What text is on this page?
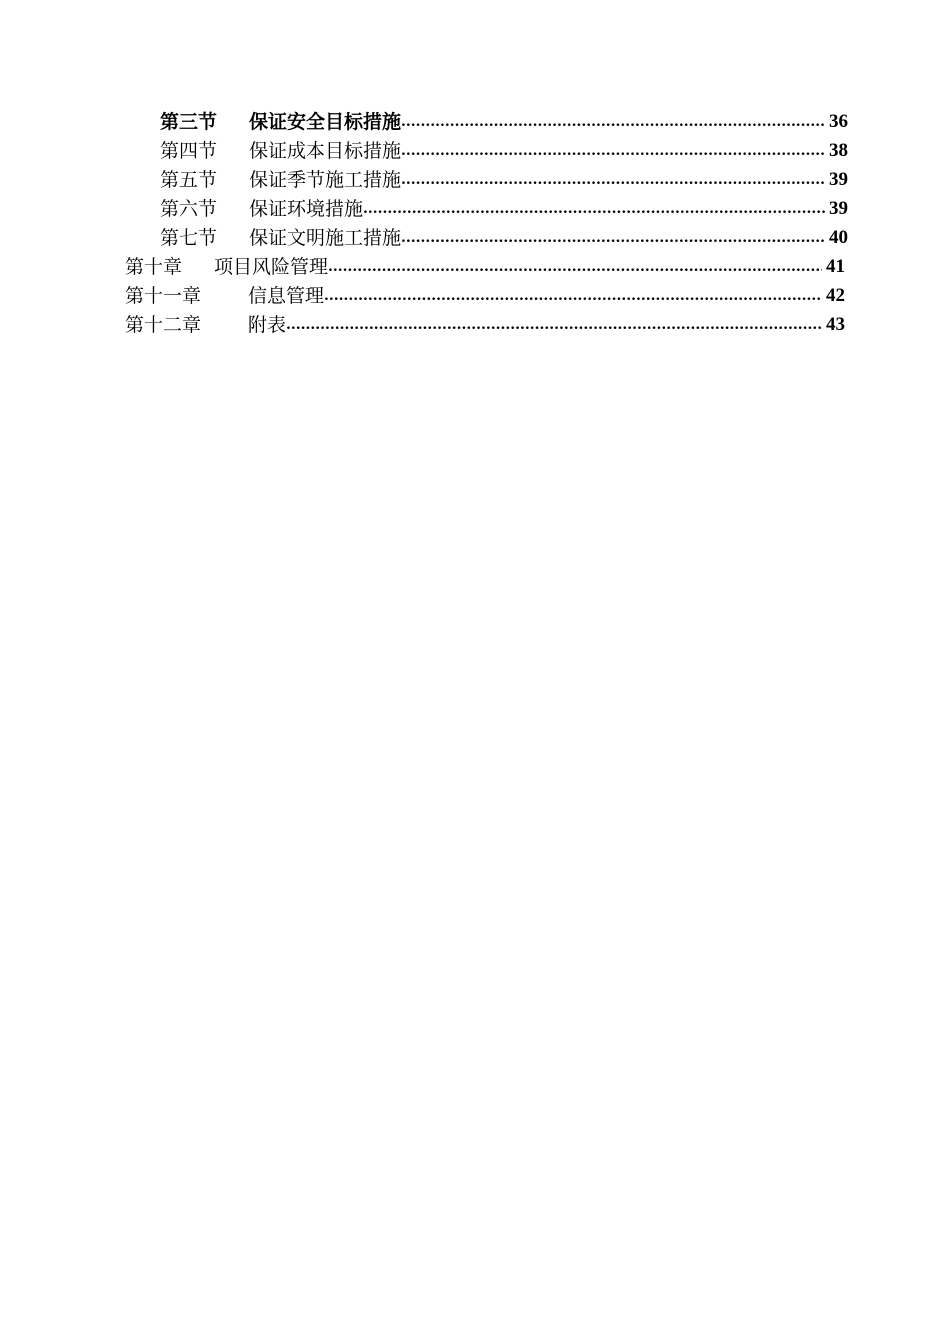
第三节 保证安全目标措施 .....	36
第四节 保证成本目标措施 .....	38
第五节 保证季节施工措施 .....	39
第六节 保证环境措施 .....	39
第七节 保证文明施工措施 .....	40
第十章 项目风险管理 .....	41
第十一章 信息管理 .....	42
第十二章 附表 .....	43
